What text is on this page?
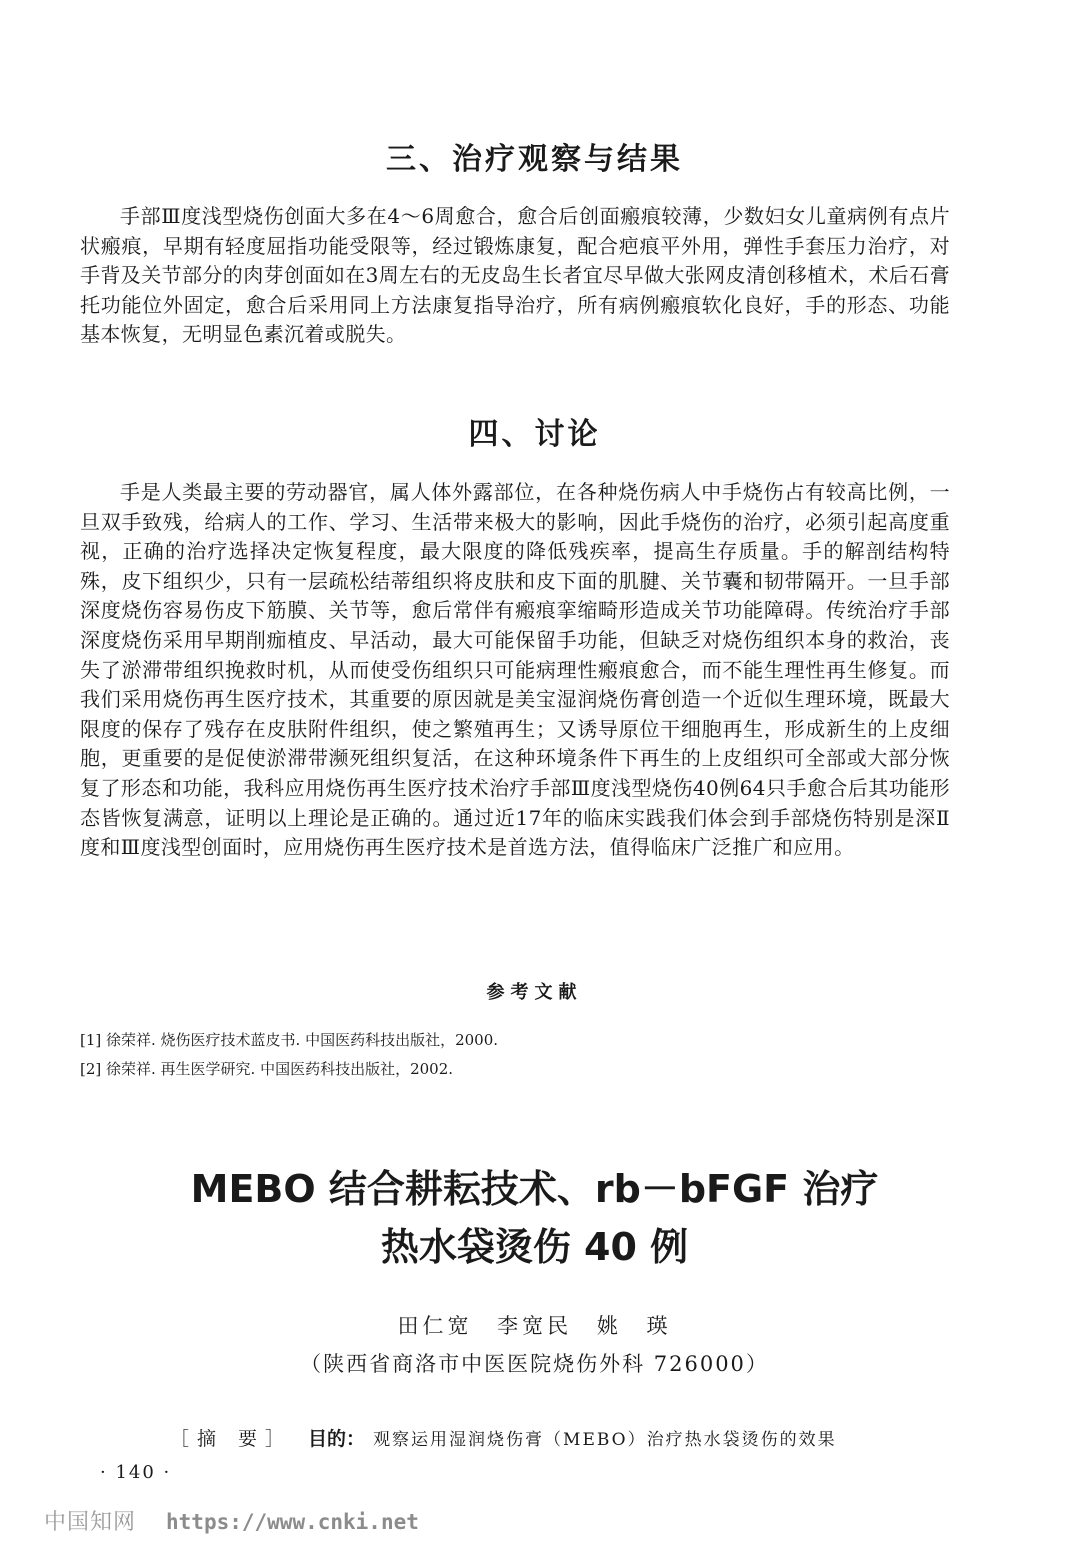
三、治疗观察与结果

手部Ⅲ度浅型烧伤创面大多在4～6周愈合，愈合后创面瘢痕较薄，少数妇女儿童病例有点片状瘢痕，早期有轻度屈指功能受限等，经过锻炼康复，配合疤痕平外用，弹性手套压力治疗，对手背及关节部分的肉芽创面如在3周左右的无皮岛生长者宜尽早做大张网皮清创移植术，术后石膏托功能位外固定，愈合后采用同上方法康复指导治疗，所有病例瘢痕软化良好，手的形态、功能基本恢复，无明显色素沉着或脱失。

四、讨论

手是人类最主要的劳动器官，属人体外露部位，在各种烧伤病人中手烧伤占有较高比例，一旦双手致残，给病人的工作、学习、生活带来极大的影响，因此手烧伤的治疗，必须引起高度重视，正确的治疗选择决定恢复程度，最大限度的降低残疾率，提高生存质量。手的解剖结构特殊，皮下组织少，只有一层疏松结蒂组织将皮肤和皮下面的肌腱、关节囊和韧带隔开。一旦手部深度烧伤容易伤皮下筋膜、关节等，愈后常伴有瘢痕挛缩畸形造成关节功能障碍。传统治疗手部深度烧伤采用早期削痂植皮、早活动，最大可能保留手功能，但缺乏对烧伤组织本身的救治，丧失了淤滞带组织挽救时机，从而使受伤组织只可能病理性瘢痕愈合，而不能生理性再生修复。而我们采用烧伤再生医疗技术，其重要的原因就是美宝湿润烧伤膏创造一个近似生理环境，既最大限度的保存了残存在皮肤附件组织，使之繁殖再生；又诱导原位干细胞再生，形成新生的上皮细胞，更重要的是促使淤滞带濒死组织复活，在这种环境条件下再生的上皮组织可全部或大部分恢复了形态和功能，我科应用烧伤再生医疗技术治疗手部Ⅲ度浅型烧伤40例64只手愈合后其功能形态皆恢复满意，证明以上理论是正确的。通过近17年的临床实践我们体会到手部烧伤特别是深Ⅱ度和Ⅲ度浅型创面时，应用烧伤再生医疗技术是首选方法，值得临床广泛推广和应用。

参考文献
[1] 徐荣祥. 烧伤医疗技术蓝皮书. 中国医药科技出版社，2000.
[2] 徐荣祥. 再生医学研究. 中国医药科技出版社，2002.
MEBO 结合耕耘技术、rb－bFGF 治疗
热水袋烫伤 40 例
田仁宽 李宽民 姚 瑛
（陕西省商洛市中医医院烧伤外科 726000）
［摘 要］ 目的： 观察运用湿润烧伤膏（MEBO）治疗热水袋烫伤的效果
· 140 ·
中国知网 https://www.cnki.net
